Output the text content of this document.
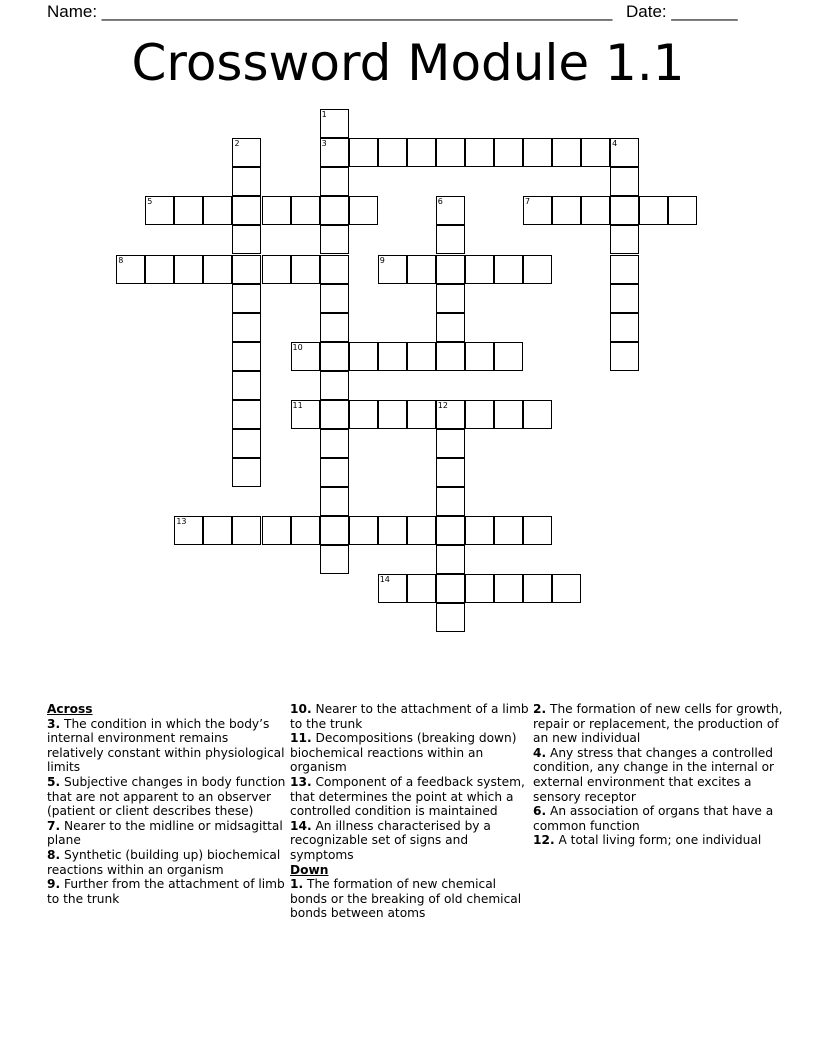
Name: ______________________________________________________ Date: _______
Crossword Module 1.1
1
3
2	4
5	6	7
8	9
10
11	12
13
14
Across
3. The condition in which the body’s internal environment remains relatively constant within physiological limits
5. Subjective changes in body function that are not apparent to an observer (patient or client describes these)
7. Nearer to the midline or midsagittal plane
8. Synthetic (building up) biochemical reactions within an organism
9. Further from the attachment of limb to the trunk
10. Nearer to the attachment of a limb to the trunk
11. Decompositions (breaking down) biochemical reactions within an organism
13. Component of a feedback system, that determines the point at which a controlled condition is maintained
14. An illness characterised by a recognizable set of signs and symptoms
Down
1. The formation of new chemical bonds or the breaking of old chemical bonds between atoms
2. The formation of new cells for growth, repair or replacement, the production of an new individual
4. Any stress that changes a controlled condition, any change in the internal or external environment that excites a sensory receptor
6. An association of organs that have a common function
12. A total living form; one individual
